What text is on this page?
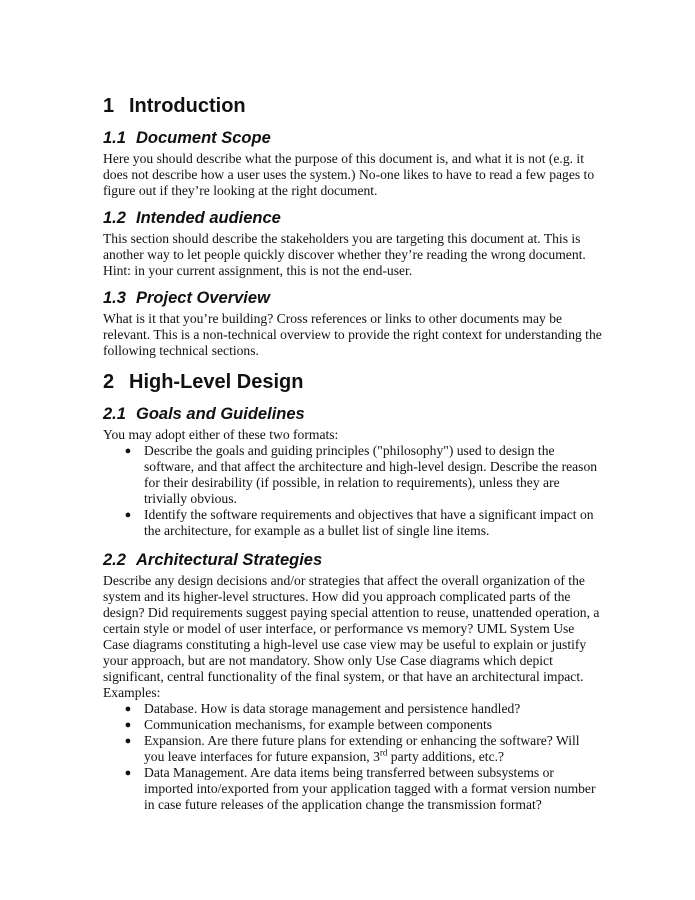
1 Introduction
1.1 Document Scope

Here you should describe what the purpose of this document is, and what it is not (e.g. it does not describe how a user uses the system.) No-one likes to have to read a few pages to figure out if they’re looking at the right document.

1.2 Intended audience

This section should describe the stakeholders you are targeting this document at. This is another way to let people quickly discover whether they’re reading the wrong document. Hint: in your current assignment, this is not the end-user.

1.3 Project Overview

What is it that you’re building? Cross references or links to other documents may be relevant. This is a non-technical overview to provide the right context for understanding the following technical sections.

2 High-Level Design
2.1 Goals and Guidelines

You may adopt either of these two formats:

● Describe the goals and guiding principles ("philosophy") used to design the software, and that affect the architecture and high-level design. Describe the reason for their desirability (if possible, in relation to requirements), unless they are trivially obvious.
● Identify the software requirements and objectives that have a significant impact on the architecture, for example as a bullet list of single line items.
2.2 Architectural Strategies

Describe any design decisions and/or strategies that affect the overall organization of the system and its higher-level structures. How did you approach complicated parts of the design? Did requirements suggest paying special attention to reuse, unattended operation, a certain style or model of user interface, or performance vs memory? UML System Use Case diagrams constituting a high-level use case view may be useful to explain or justify your approach, but are not mandatory. Show only Use Case diagrams which depict significant, central functionality of the final system, or that have an architectural impact. Examples:

● Database. How is data storage management and persistence handled?
● Communication mechanisms, for example between components
● Expansion. Are there future plans for extending or enhancing the software? Will you leave interfaces for future expansion, 3rd party additions, etc.?
● Data Management. Are data items being transferred between subsystems or imported into/exported from your application tagged with a format version number in case future releases of the application change the transmission format?
